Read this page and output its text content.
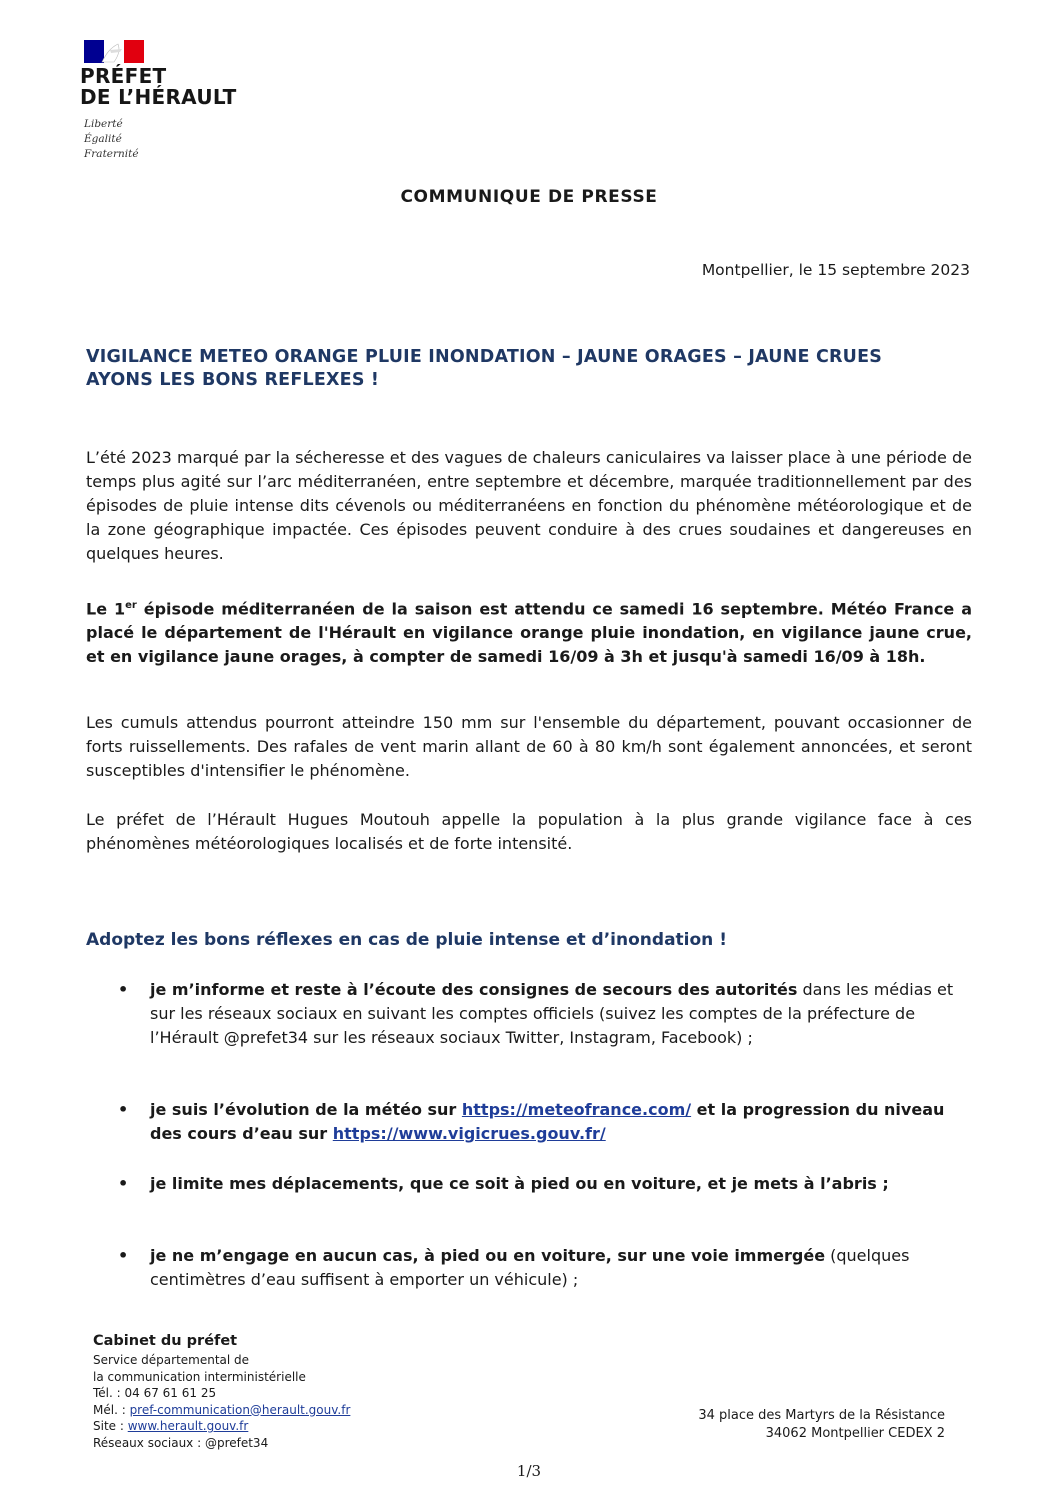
PRÉFET
DE L’HÉRAULT
Liberté
Égalité
Fraternité
COMMUNIQUE DE PRESSE
Montpellier, le 15 septembre 2023
VIGILANCE METEO ORANGE PLUIE INONDATION – JAUNE ORAGES – JAUNE CRUES
AYONS LES BONS REFLEXES !
L’été 2023 marqué par la sécheresse et des vagues de chaleurs caniculaires va laisser place à une période de temps plus agité sur l’arc méditerranéen, entre septembre et décembre, marquée traditionnellement par des épisodes de pluie intense dits cévenols ou méditerranéens en fonction du phénomène météorologique et de la zone géographique impactée. Ces épisodes peuvent conduire à des crues soudaines et dangereuses en quelques heures.
Le 1er épisode méditerranéen de la saison est attendu ce samedi 16 septembre. Météo France a placé le département de l'Hérault en vigilance orange pluie inondation, en vigilance jaune crue, et en vigilance jaune orages, à compter de samedi 16/09 à 3h et jusqu'à samedi 16/09 à 18h.
Les cumuls attendus pourront atteindre 150 mm sur l'ensemble du département, pouvant occasionner de forts ruissellements. Des rafales de vent marin allant de 60 à 80 km/h sont également annoncées, et seront susceptibles d'intensifier le phénomène.
Le préfet de l’Hérault Hugues Moutouh appelle la population à la plus grande vigilance face à ces phénomènes météorologiques localisés et de forte intensité.
Adoptez les bons réflexes en cas de pluie intense et d’inondation !
• je m’informe et reste à l’écoute des consignes de secours des autorités dans les médias et sur les réseaux sociaux en suivant les comptes officiels (suivez les comptes de la préfecture de l’Hérault @prefet34 sur les réseaux sociaux Twitter, Instagram, Facebook) ;
• je suis l’évolution de la météo sur https://meteofrance.com/ et la progression du niveau des cours d’eau sur https://www.vigicrues.gouv.fr/
• je limite mes déplacements, que ce soit à pied ou en voiture, et je mets à l’abris ;
• je ne m’engage en aucun cas, à pied ou en voiture, sur une voie immergée (quelques centimètres d’eau suffisent à emporter un véhicule) ;
Cabinet du préfet
Service départemental de
la communication interministérielle
Tél. : 04 67 61 61 25
Mél. : pref-communication@herault.gouv.fr
Site : www.herault.gouv.fr
Réseaux sociaux : @prefet34
34 place des Martyrs de la Résistance
34062 Montpellier CEDEX 2
1/3
